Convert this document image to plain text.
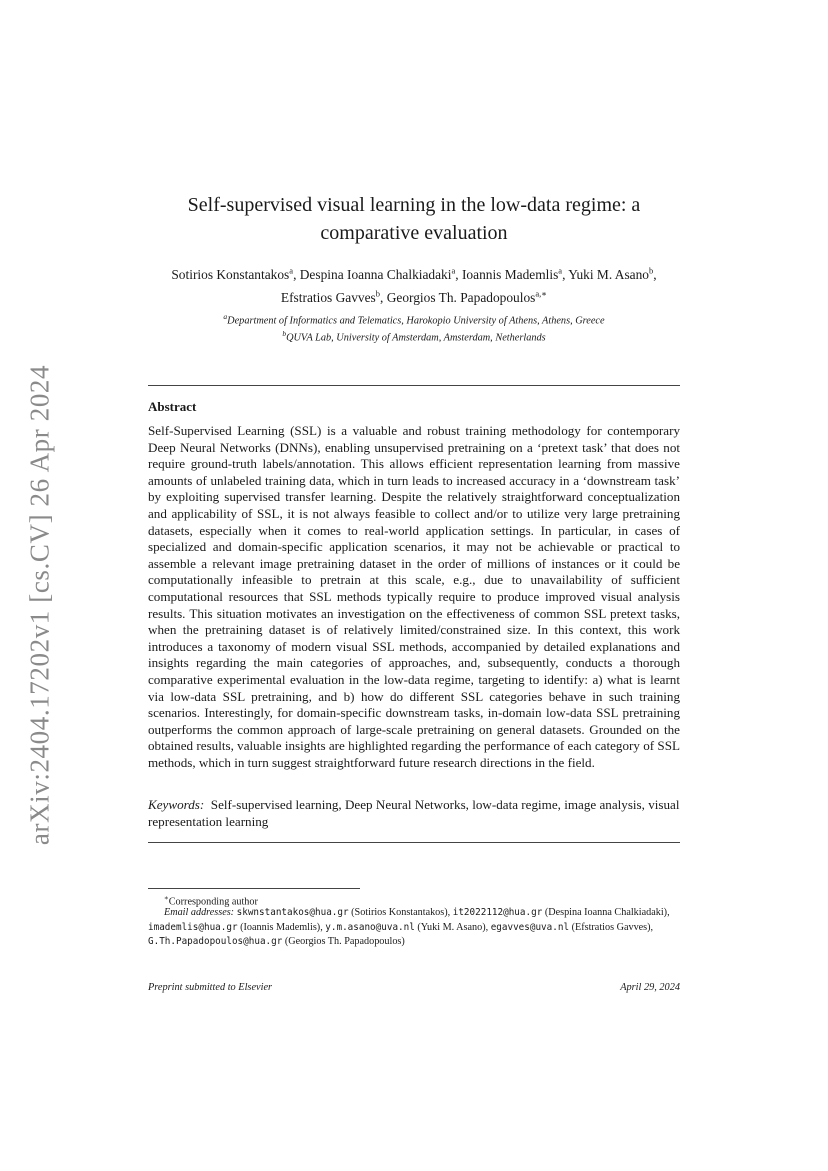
arXiv:2404.17202v1 [cs.CV] 26 Apr 2024
Self-supervised visual learning in the low-data regime: a comparative evaluation
Sotirios Konstantakos$^a$, Despina Ioanna Chalkiadaki$^a$, Ioannis Mademlis$^a$, Yuki M. Asano$^b$,
Efstratios Gavves$^b$, Georgios Th. Papadopoulos$^{a,∗}$
$^a$Department of Informatics and Telematics, Harokopio University of Athens, Athens, Greece
$^b$QUVA Lab, University of Amsterdam, Amsterdam, Netherlands
Abstract

Self-Supervised Learning (SSL) is a valuable and robust training methodology for contemporary Deep Neural Networks (DNNs), enabling unsupervised pretraining on a ‘pretext task’ that does not require ground-truth labels/annotation. This allows efficient representation learning from massive amounts of unlabeled training data, which in turn leads to increased accuracy in a ‘downstream task’ by exploiting supervised transfer learning. Despite the relatively straightforward conceptualization and applicability of SSL, it is not always feasible to collect and/or to utilize very large pretraining datasets, especially when it comes to real-world application settings. In particular, in cases of specialized and domain-specific application scenarios, it may not be achievable or practical to assemble a relevant image pretraining dataset in the order of millions of instances or it could be computationally infeasible to pretrain at this scale, e.g., due to unavailability of sufficient computational resources that SSL methods typically require to produce improved visual analysis results. This situation motivates an investigation on the effectiveness of common SSL pretext tasks, when the pretraining dataset is of relatively limited/constrained size. In this context, this work introduces a taxonomy of modern visual SSL methods, accompanied by detailed explanations and insights regarding the main categories of approaches, and, subsequently, conducts a thorough comparative experimental evaluation in the low-data regime, targeting to identify: a) what is learnt via low-data SSL pretraining, and b) how do different SSL categories behave in such training scenarios. Interestingly, for domain-specific downstream tasks, in-domain low-data SSL pretraining outperforms the common approach of large-scale pretraining on general datasets. Grounded on the obtained results, valuable insights are highlighted regarding the performance of each category of SSL methods, which in turn suggest straightforward future research directions in the field.

Keywords: Self-supervised learning, Deep Neural Networks, low-data regime, image analysis, visual representation learning

∗Corresponding author
Email addresses: skwnstantakos@hua.gr (Sotirios Konstantakos), it2022112@hua.gr (Despina Ioanna Chalkiadaki), imademlis@hua.gr (Ioannis Mademlis), y.m.asano@uva.nl (Yuki M. Asano), egavves@uva.nl (Efstratios Gavves), G.Th.Papadopoulos@hua.gr (Georgios Th. Papadopoulos)
Preprint submitted to Elsevier	April 29, 2024
